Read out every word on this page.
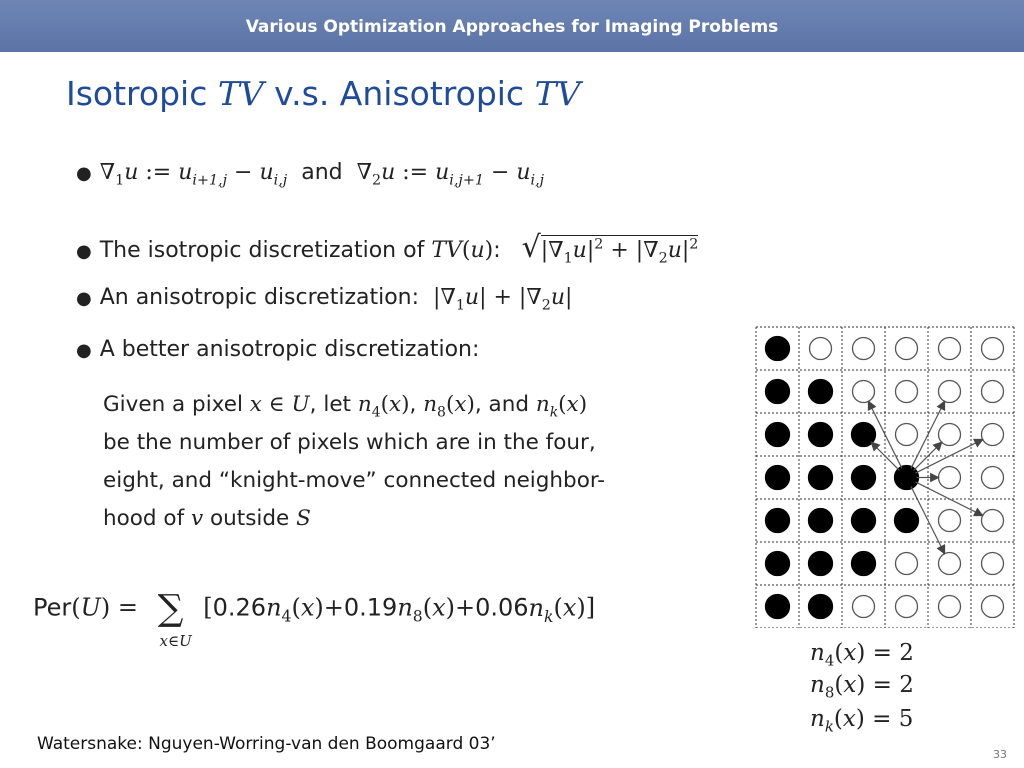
Various Optimization Approaches for Imaging Problems
Isotropic TV v.s. Anisotropic TV
● $\nabla_1u$ := $u_{i+1,j} - u_{i,j}$ and $\nabla_2u$ := $u_{i,j+1} - u_{i,j}$
● The isotropic discretization of TV(u):   $√|\nabla_1u|^2 + |\nabla_2u|^2$
● An anisotropic discretization: $|\nabla_1u| + |\nabla_2u|$
● A better anisotropic discretization:
Given a pixel x ∈ U, let $n_4(x)$, $n_8(x)$, and $n_k(x)$
be the number of pixels which are in the four,
eight, and “knight-move” connected neighbor-
hood of v outside S
Per(U) = ∑
x∈U
$[0.26n_4(x)+0.19n_8(x)+0.06n_k(x)]$
$n_4(x) = 2$
$n_8(x) = 2$
$n_k(x) = 5$
Watersnake: Nguyen-Worring-van den Boomgaard 03’
33
